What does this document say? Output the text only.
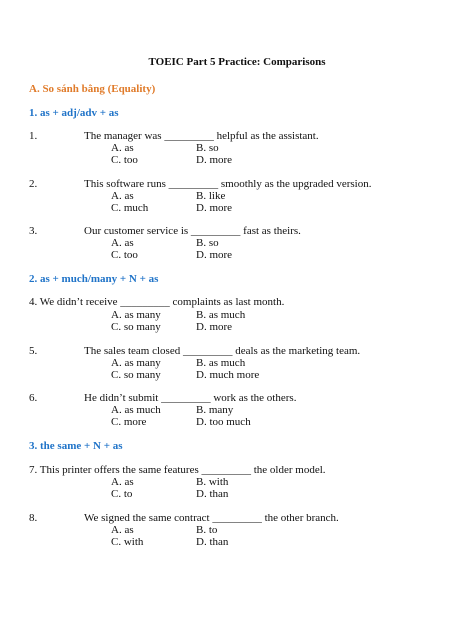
TOEIC Part 5 Practice: Comparisons
A. So sánh bằng (Equality)
1. as + adj/adv + as
1.	The manager was _________ helpful as the assistant.
A. as	B. so
C. too	D. more
2.	This software runs _________ smoothly as the upgraded version.
A. as	B. like
C. much	D. more
3.	Our customer service is _________ fast as theirs.
A. as	B. so
C. too	D. more
2. as + much/many + N + as
4. We didn’t receive _________ complaints as last month.
A. as many	B. as much
C. so many	D. more
5.	The sales team closed _________ deals as the marketing team.
A. as many	B. as much
C. so many	D. much more
6.	He didn’t submit _________ work as the others.
A. as much	B. many
C. more	D. too much
3. the same + N + as
7. This printer offers the same features _________ the older model.
A. as	B. with
C. to	D. than
8.	We signed the same contract _________ the other branch.
A. as	B. to
C. with	D. than
